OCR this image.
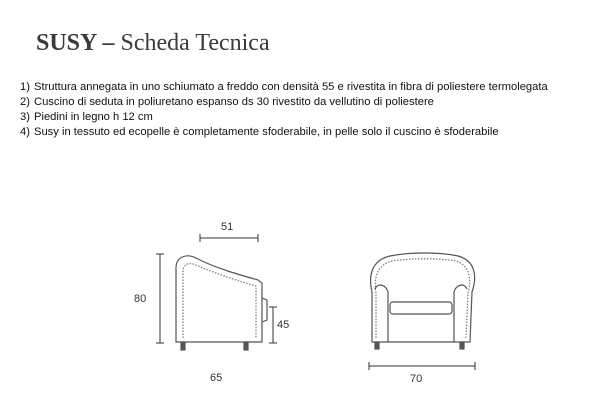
SUSY – Scheda Tecnica
1) Struttura annegata in uno schiumato a freddo con densità 55 e rivestita in fibra di poliestere termolegata
2) Cuscino di seduta in poliuretano espanso ds 30 rivestito da vellutino di poliestere
3) Piedini in legno h 12 cm
4) Susy in tessuto ed ecopelle è completamente sfoderabile, in pelle solo il cuscino è sfoderabile
51
80
45
65	70
